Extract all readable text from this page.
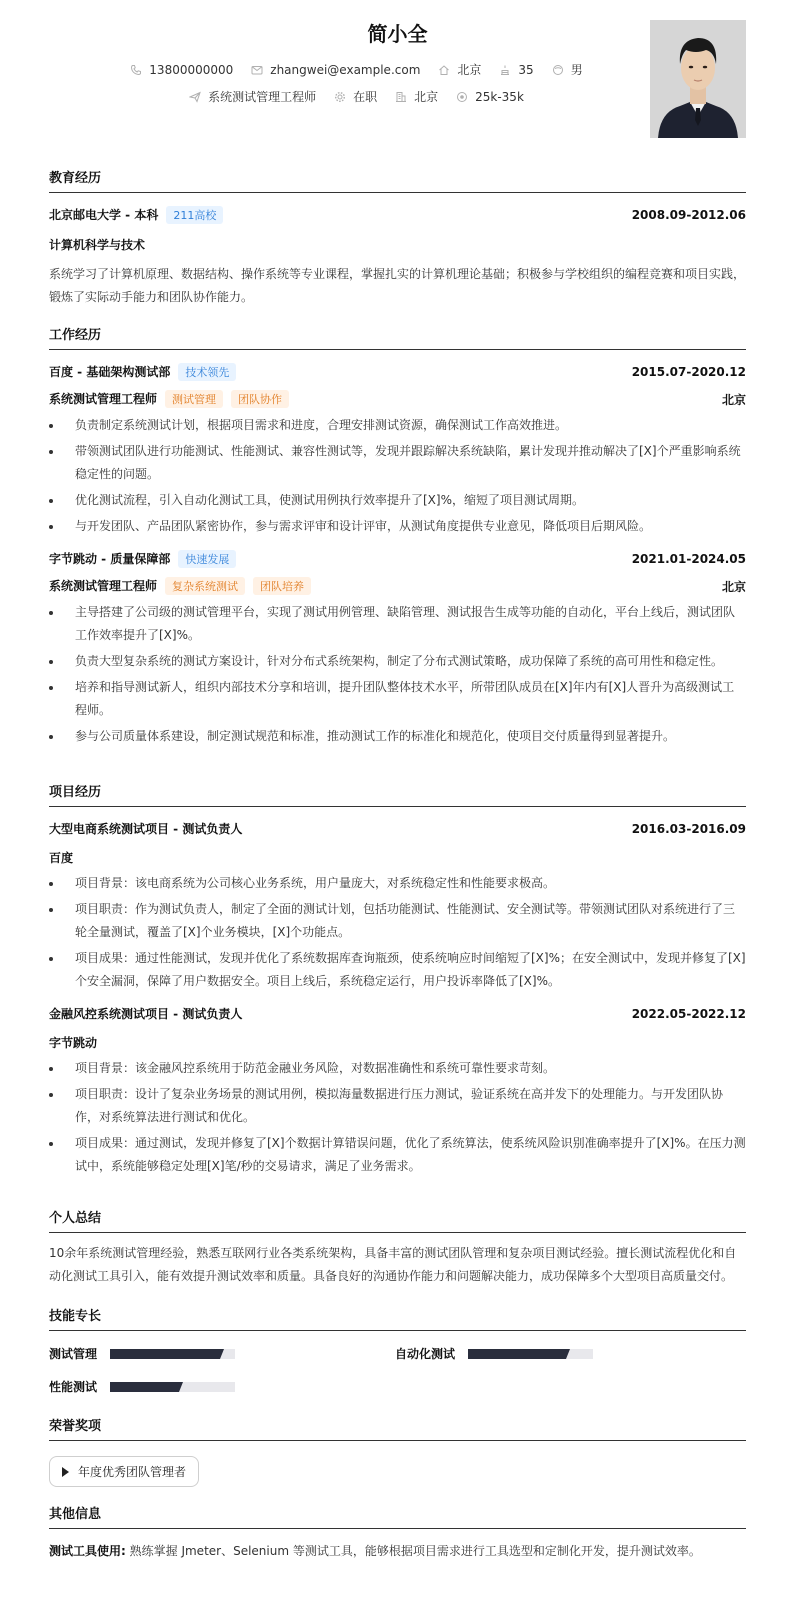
简小全
13800000000	zhangwei@example.com	北京	35	男
系统测试管理工程师	在职	北京	25k-35k
教育经历
北京邮电大学 - 本科 211高校	2008.09-2012.06
计算机科学与技术
系统学习了计算机原理、数据结构、操作系统等专业课程，掌握扎实的计算机理论基础；积极参与学校组织的编程竞赛和项目实践，锻炼了实际动手能力和团队协作能力。
工作经历
百度 - 基础架构测试部 技术领先	2015.07-2020.12
系统测试管理工程师 测试管理 团队协作	北京
负责制定系统测试计划，根据项目需求和进度，合理安排测试资源，确保测试工作高效推进。
带领测试团队进行功能测试、性能测试、兼容性测试等，发现并跟踪解决系统缺陷，累计发现并推动解决了[X]个严重影响系统稳定性的问题。
优化测试流程，引入自动化测试工具，使测试用例执行效率提升了[X]%，缩短了项目测试周期。
与开发团队、产品团队紧密协作，参与需求评审和设计评审，从测试角度提供专业意见，降低项目后期风险。
字节跳动 - 质量保障部 快速发展	2021.01-2024.05
系统测试管理工程师 复杂系统测试 团队培养	北京
主导搭建了公司级的测试管理平台，实现了测试用例管理、缺陷管理、测试报告生成等功能的自动化，平台上线后，测试团队工作效率提升了[X]%。
负责大型复杂系统的测试方案设计，针对分布式系统架构，制定了分布式测试策略，成功保障了系统的高可用性和稳定性。
培养和指导测试新人，组织内部技术分享和培训，提升团队整体技术水平，所带团队成员在[X]年内有[X]人晋升为高级测试工程师。
参与公司质量体系建设，制定测试规范和标准，推动测试工作的标准化和规范化，使项目交付质量得到显著提升。
项目经历
大型电商系统测试项目 - 测试负责人	2016.03-2016.09
百度
项目背景：该电商系统为公司核心业务系统，用户量庞大，对系统稳定性和性能要求极高。
项目职责：作为测试负责人，制定了全面的测试计划，包括功能测试、性能测试、安全测试等。带领测试团队对系统进行了三轮全量测试，覆盖了[X]个业务模块，[X]个功能点。
项目成果：通过性能测试，发现并优化了系统数据库查询瓶颈，使系统响应时间缩短了[X]%；在安全测试中，发现并修复了[X]个安全漏洞，保障了用户数据安全。项目上线后，系统稳定运行，用户投诉率降低了[X]%。
金融风控系统测试项目 - 测试负责人	2022.05-2022.12
字节跳动
项目背景：该金融风控系统用于防范金融业务风险，对数据准确性和系统可靠性要求苛刻。
项目职责：设计了复杂业务场景的测试用例，模拟海量数据进行压力测试，验证系统在高并发下的处理能力。与开发团队协作，对系统算法进行测试和优化。
项目成果：通过测试，发现并修复了[X]个数据计算错误问题，优化了系统算法，使系统风险识别准确率提升了[X]%。在压力测试中，系统能够稳定处理[X]笔/秒的交易请求，满足了业务需求。
个人总结
10余年系统测试管理经验，熟悉互联网行业各类系统架构，具备丰富的测试团队管理和复杂项目测试经验。擅长测试流程优化和自动化测试工具引入，能有效提升测试效率和质量。具备良好的沟通协作能力和问题解决能力，成功保障多个大型项目高质量交付。
技能专长
测试管理	自动化测试
性能测试
荣誉奖项
年度优秀团队管理者
其他信息
测试工具使用: 熟练掌握 Jmeter、Selenium 等测试工具，能够根据项目需求进行工具选型和定制化开发，提升测试效率。
